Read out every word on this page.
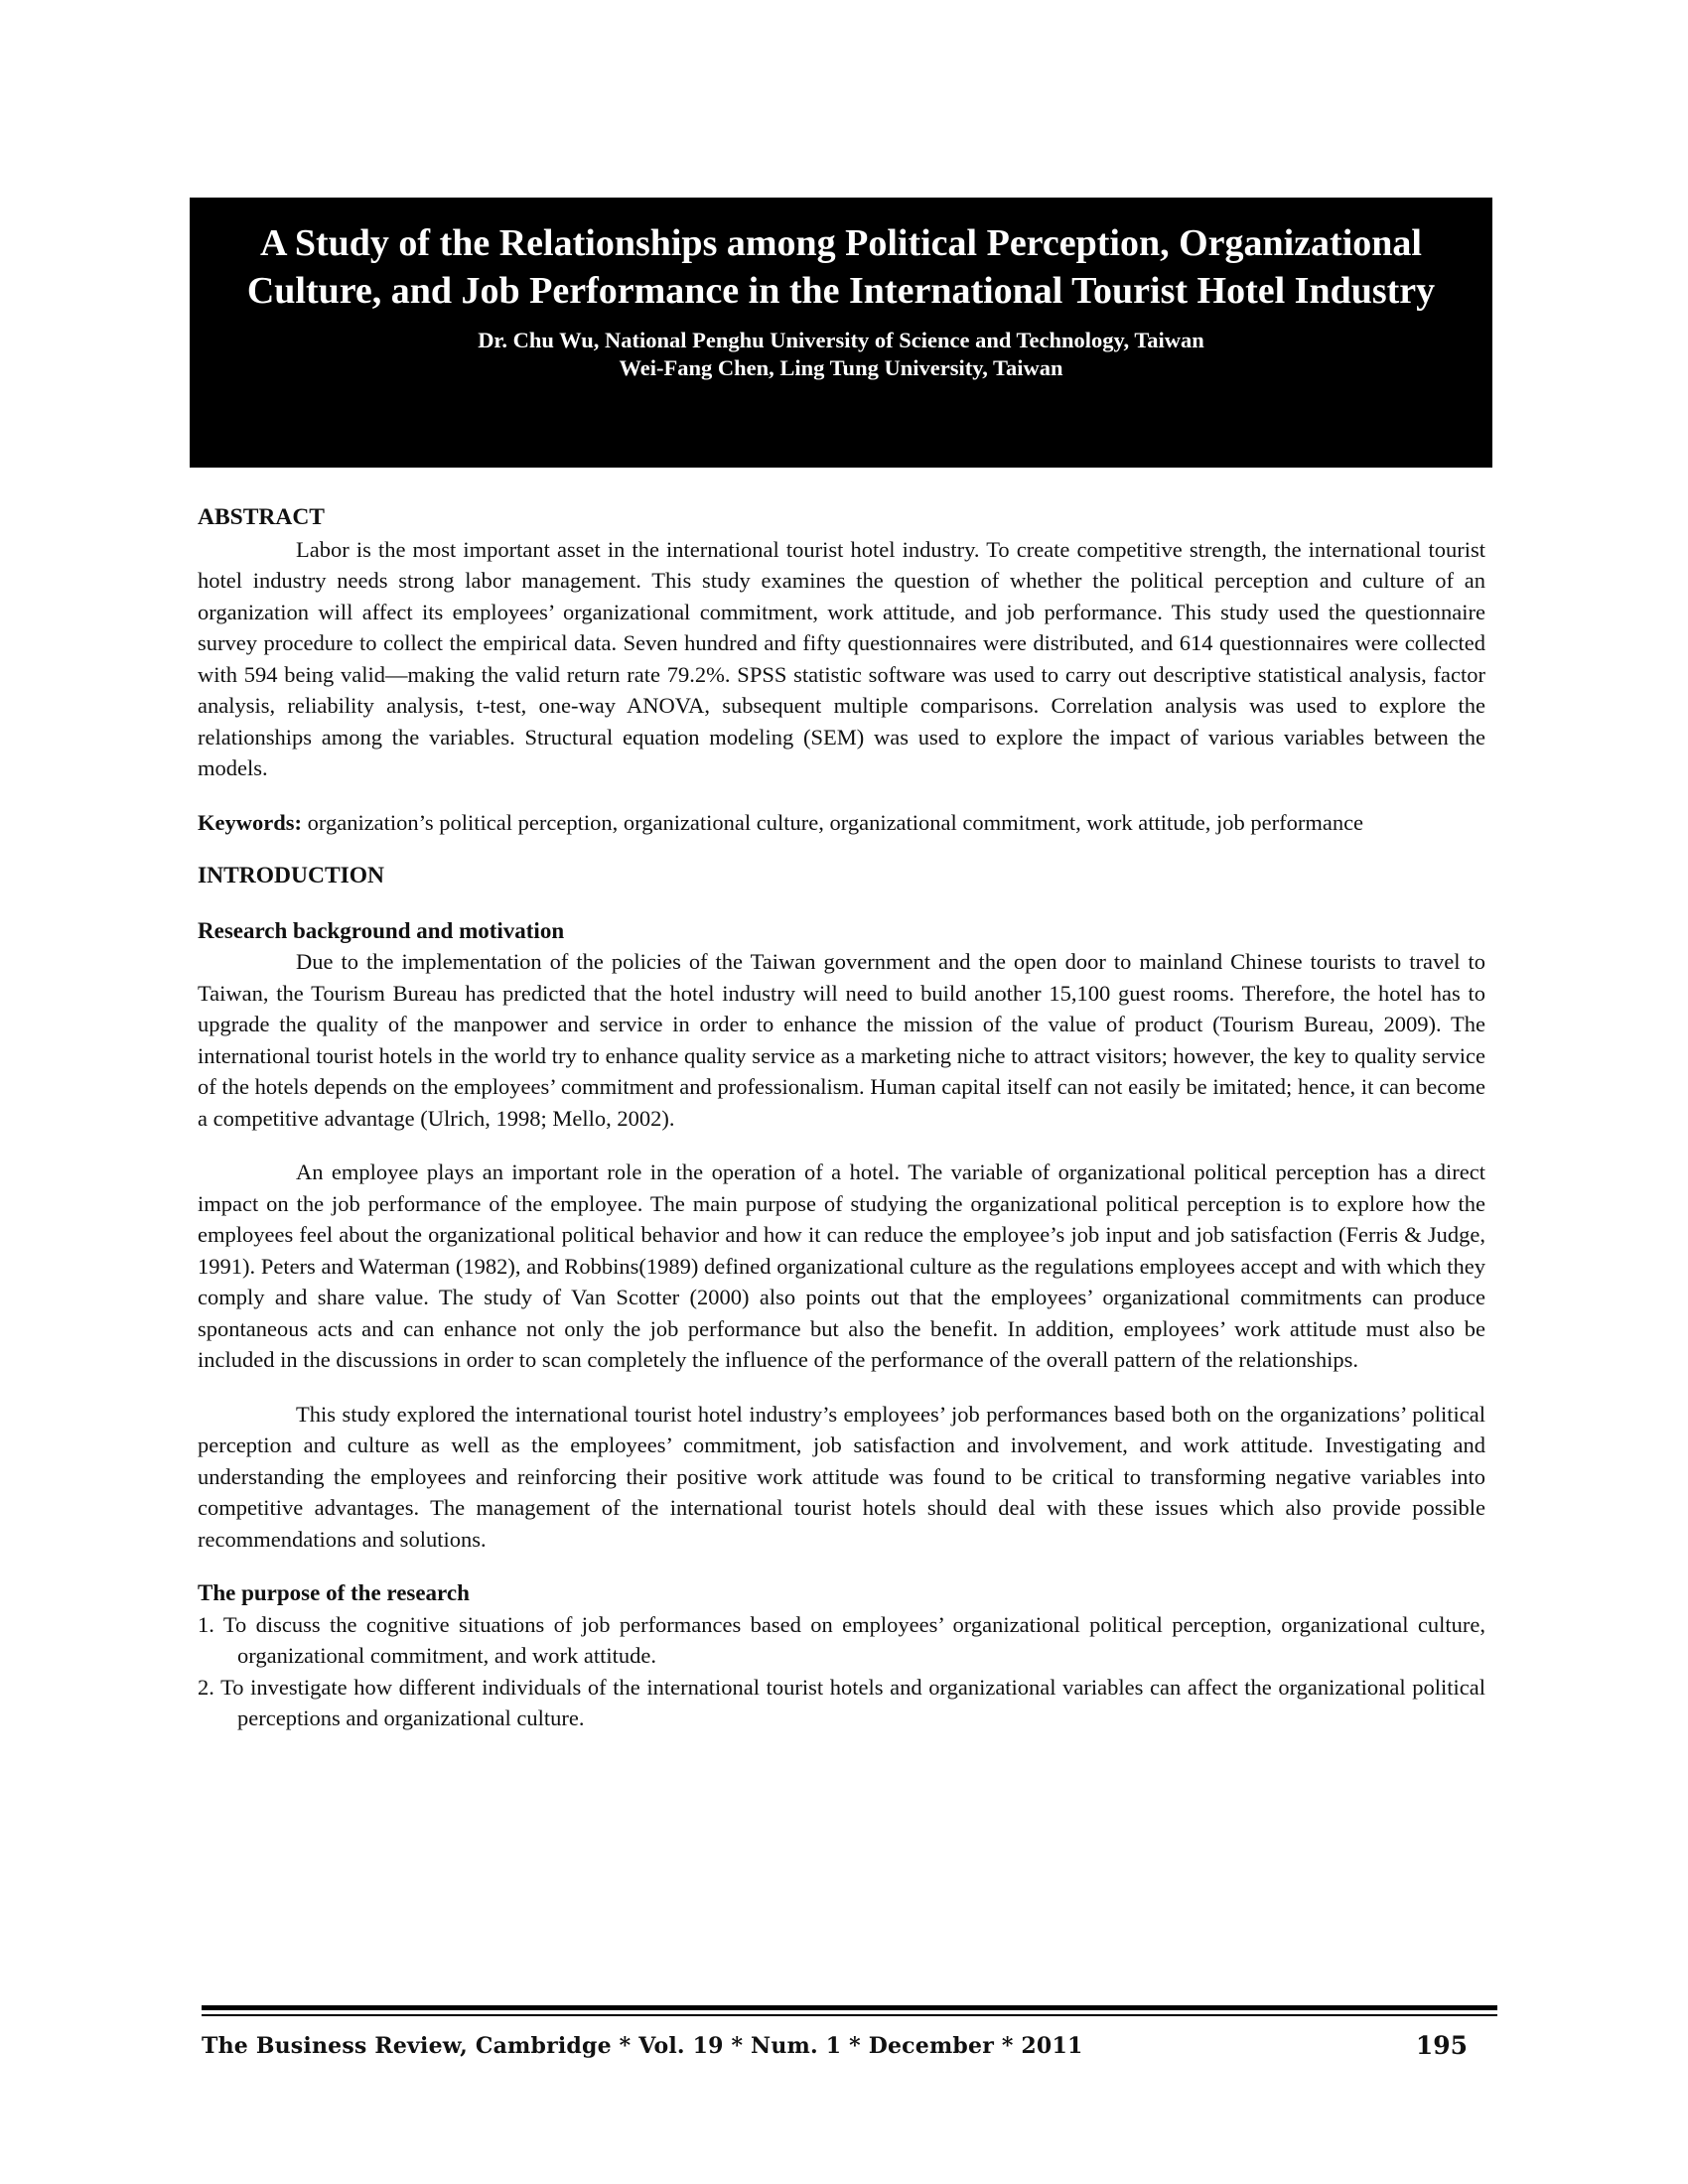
A Study of the Relationships among Political Perception, Organizational Culture, and Job Performance in the International Tourist Hotel Industry
Dr. Chu Wu, National Penghu University of Science and Technology, Taiwan
Wei-Fang Chen, Ling Tung University, Taiwan

ABSTRACT

Labor is the most important asset in the international tourist hotel industry. To create competitive strength, the international tourist hotel industry needs strong labor management. This study examines the question of whether the political perception and culture of an organization will affect its employees’ organizational commitment, work attitude, and job performance. This study used the questionnaire survey procedure to collect the empirical data. Seven hundred and fifty questionnaires were distributed, and 614 questionnaires were collected with 594 being valid—making the valid return rate 79.2%. SPSS statistic software was used to carry out descriptive statistical analysis, factor analysis, reliability analysis, t-test, one-way ANOVA, subsequent multiple comparisons. Correlation analysis was used to explore the relationships among the variables. Structural equation modeling (SEM) was used to explore the impact of various variables between the models.

Keywords: organization’s political perception, organizational culture, organizational commitment, work attitude, job performance

INTRODUCTION

Research background and motivation

Due to the implementation of the policies of the Taiwan government and the open door to mainland Chinese tourists to travel to Taiwan, the Tourism Bureau has predicted that the hotel industry will need to build another 15,100 guest rooms. Therefore, the hotel has to upgrade the quality of the manpower and service in order to enhance the mission of the value of product (Tourism Bureau, 2009). The international tourist hotels in the world try to enhance quality service as a marketing niche to attract visitors; however, the key to quality service of the hotels depends on the employees’ commitment and professionalism. Human capital itself can not easily be imitated; hence, it can become a competitive advantage (Ulrich, 1998; Mello, 2002).

An employee plays an important role in the operation of a hotel. The variable of organizational political perception has a direct impact on the job performance of the employee. The main purpose of studying the organizational political perception is to explore how the employees feel about the organizational political behavior and how it can reduce the employee’s job input and job satisfaction (Ferris & Judge, 1991). Peters and Waterman (1982), and Robbins(1989) defined organizational culture as the regulations employees accept and with which they comply and share value. The study of Van Scotter (2000) also points out that the employees’ organizational commitments can produce spontaneous acts and can enhance not only the job performance but also the benefit. In addition, employees’ work attitude must also be included in the discussions in order to scan completely the influence of the performance of the overall pattern of the relationships.

This study explored the international tourist hotel industry’s employees’ job performances based both on the organizations’ political perception and culture as well as the employees’ commitment, job satisfaction and involvement, and work attitude. Investigating and understanding the employees and reinforcing their positive work attitude was found to be critical to transforming negative variables into competitive advantages. The management of the international tourist hotels should deal with these issues which also provide possible recommendations and solutions.

The purpose of the research

1. To discuss the cognitive situations of job performances based on employees’ organizational political perception, organizational culture, organizational commitment, and work attitude.
2. To investigate how different individuals of the international tourist hotels and organizational variables can affect the organizational political perceptions and organizational culture.
The Business Review, Cambridge * Vol. 19 * Num. 1 * December * 2011	195
